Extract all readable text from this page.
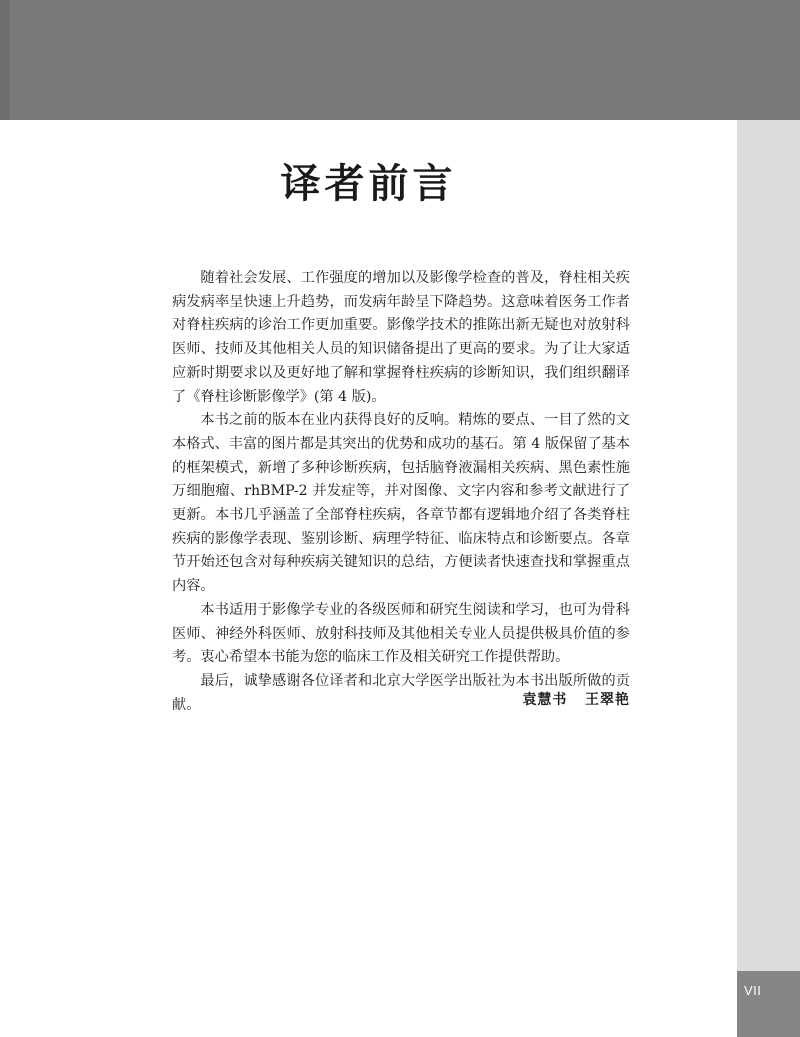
VII
译者前言

随着社会发展、工作强度的增加以及影像学检查的普及，脊柱相关疾病发病率呈快速上升趋势，而发病年龄呈下降趋势。这意味着医务工作者对脊柱疾病的诊治工作更加重要。影像学技术的推陈出新无疑也对放射科医师、技师及其他相关人员的知识储备提出了更高的要求。为了让大家适应新时期要求以及更好地了解和掌握脊柱疾病的诊断知识，我们组织翻译了《脊柱诊断影像学》(第 4 版)。

本书之前的版本在业内获得良好的反响。精炼的要点、一目了然的文本格式、丰富的图片都是其突出的优势和成功的基石。第 4 版保留了基本的框架模式，新增了多种诊断疾病，包括脑脊液漏相关疾病、黑色素性施万细胞瘤、rhBMP-2 并发症等，并对图像、文字内容和参考文献进行了更新。本书几乎涵盖了全部脊柱疾病，各章节都有逻辑地介绍了各类脊柱疾病的影像学表现、鉴别诊断、病理学特征、临床特点和诊断要点。各章节开始还包含对每种疾病关键知识的总结，方便读者快速查找和掌握重点内容。

本书适用于影像学专业的各级医师和研究生阅读和学习，也可为骨科医师、神经外科医师、放射科技师及其他相关专业人员提供极具价值的参考。衷心希望本书能为您的临床工作及相关研究工作提供帮助。

最后，诚挚感谢各位译者和北京大学医学出版社为本书出版所做的贡献。	袁慧书   王翠艳
